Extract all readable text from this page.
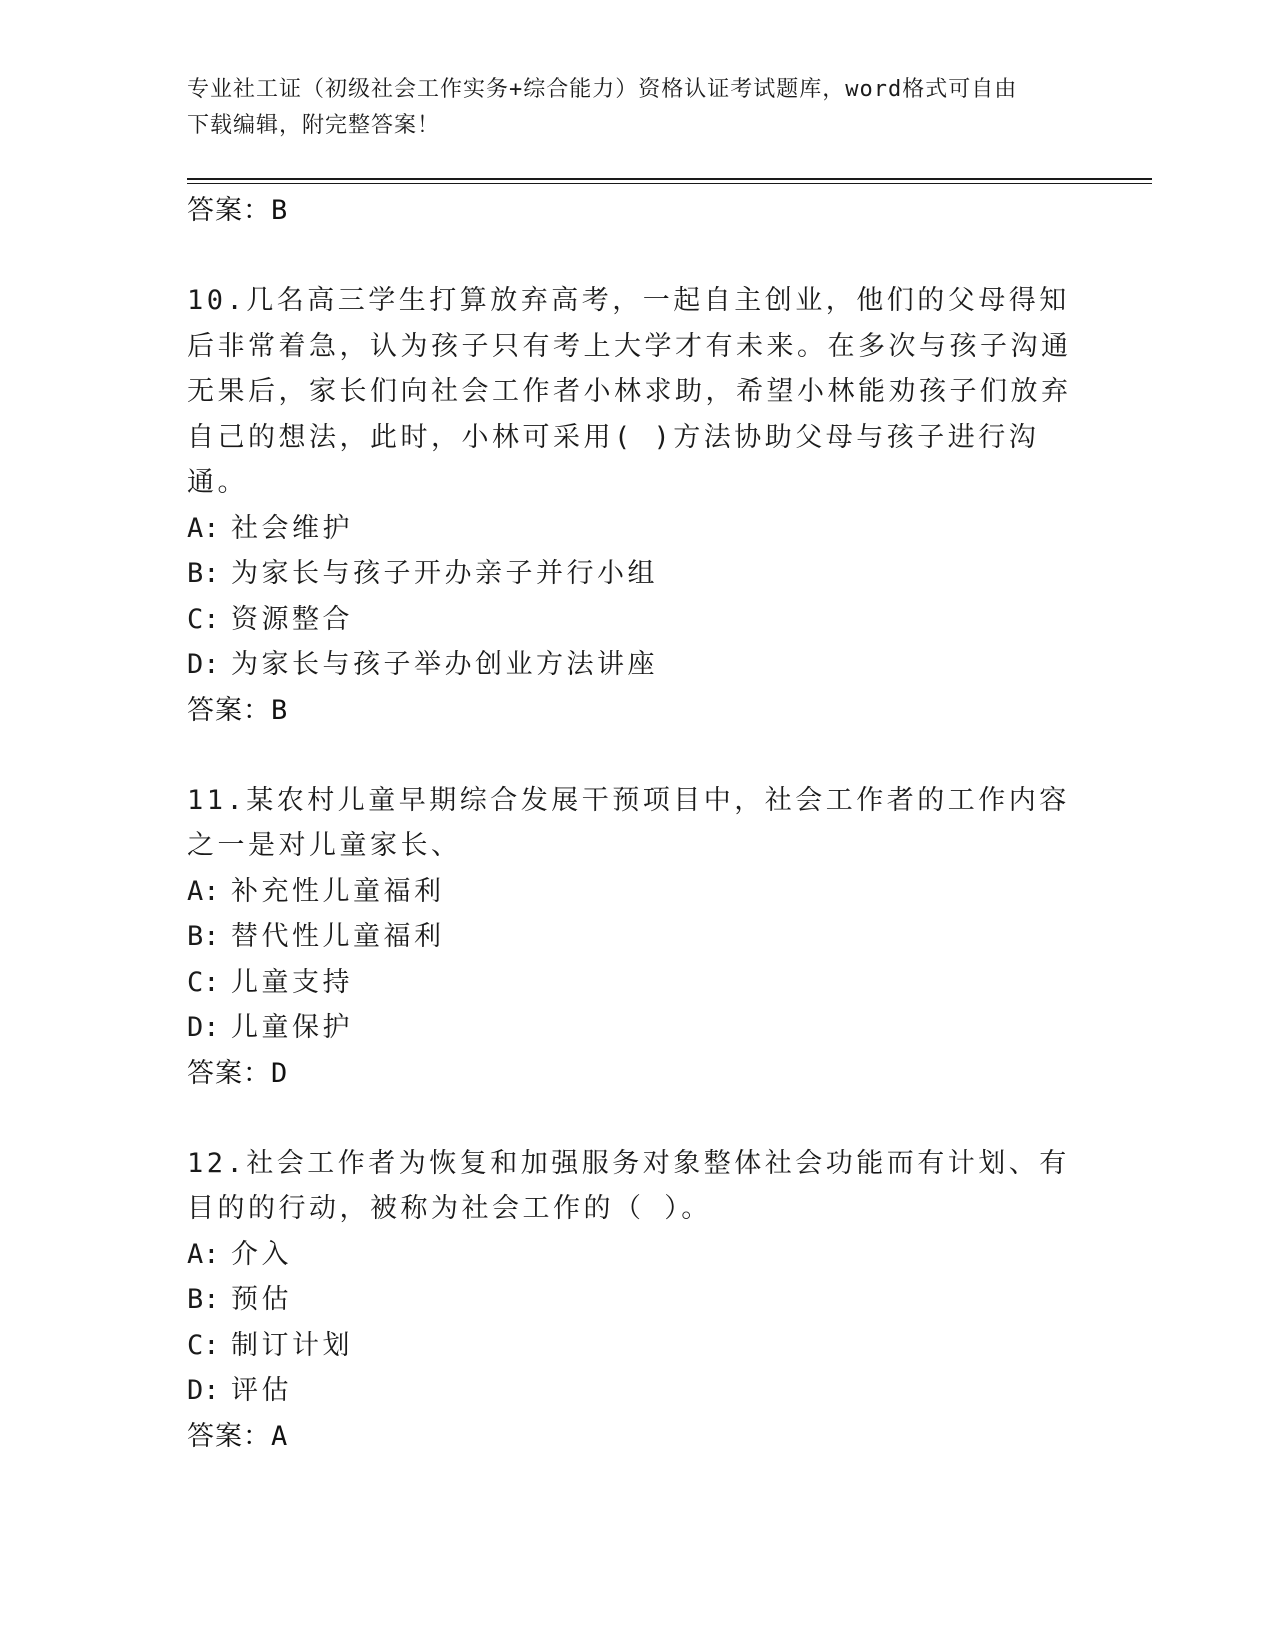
专业社工证（初级社会工作实务+综合能力）资格认证考试题库，word格式可自由
下载编辑，附完整答案！
答案：B
10.几名高三学生打算放弃高考，一起自主创业，他们的父母得知后非常着急，认为孩子只有考上大学才有未来。在多次与孩子沟通无果后，家长们向社会工作者小林求助，希望小林能劝孩子们放弃自己的想法，此时，小林可采用( )方法协助父母与孩子进行沟通。
A: 社会维护
B: 为家长与孩子开办亲子并行小组
C: 资源整合
D: 为家长与孩子举办创业方法讲座
答案：B
11.某农村儿童早期综合发展干预项目中，社会工作者的工作内容之一是对儿童家长、
A: 补充性儿童福利
B: 替代性儿童福利
C: 儿童支持
D: 儿童保护
答案：D
12.社会工作者为恢复和加强服务对象整体社会功能而有计划、有目的的行动，被称为社会工作的（ ）。
A: 介入
B: 预估
C: 制订计划
D: 评估
答案：A
